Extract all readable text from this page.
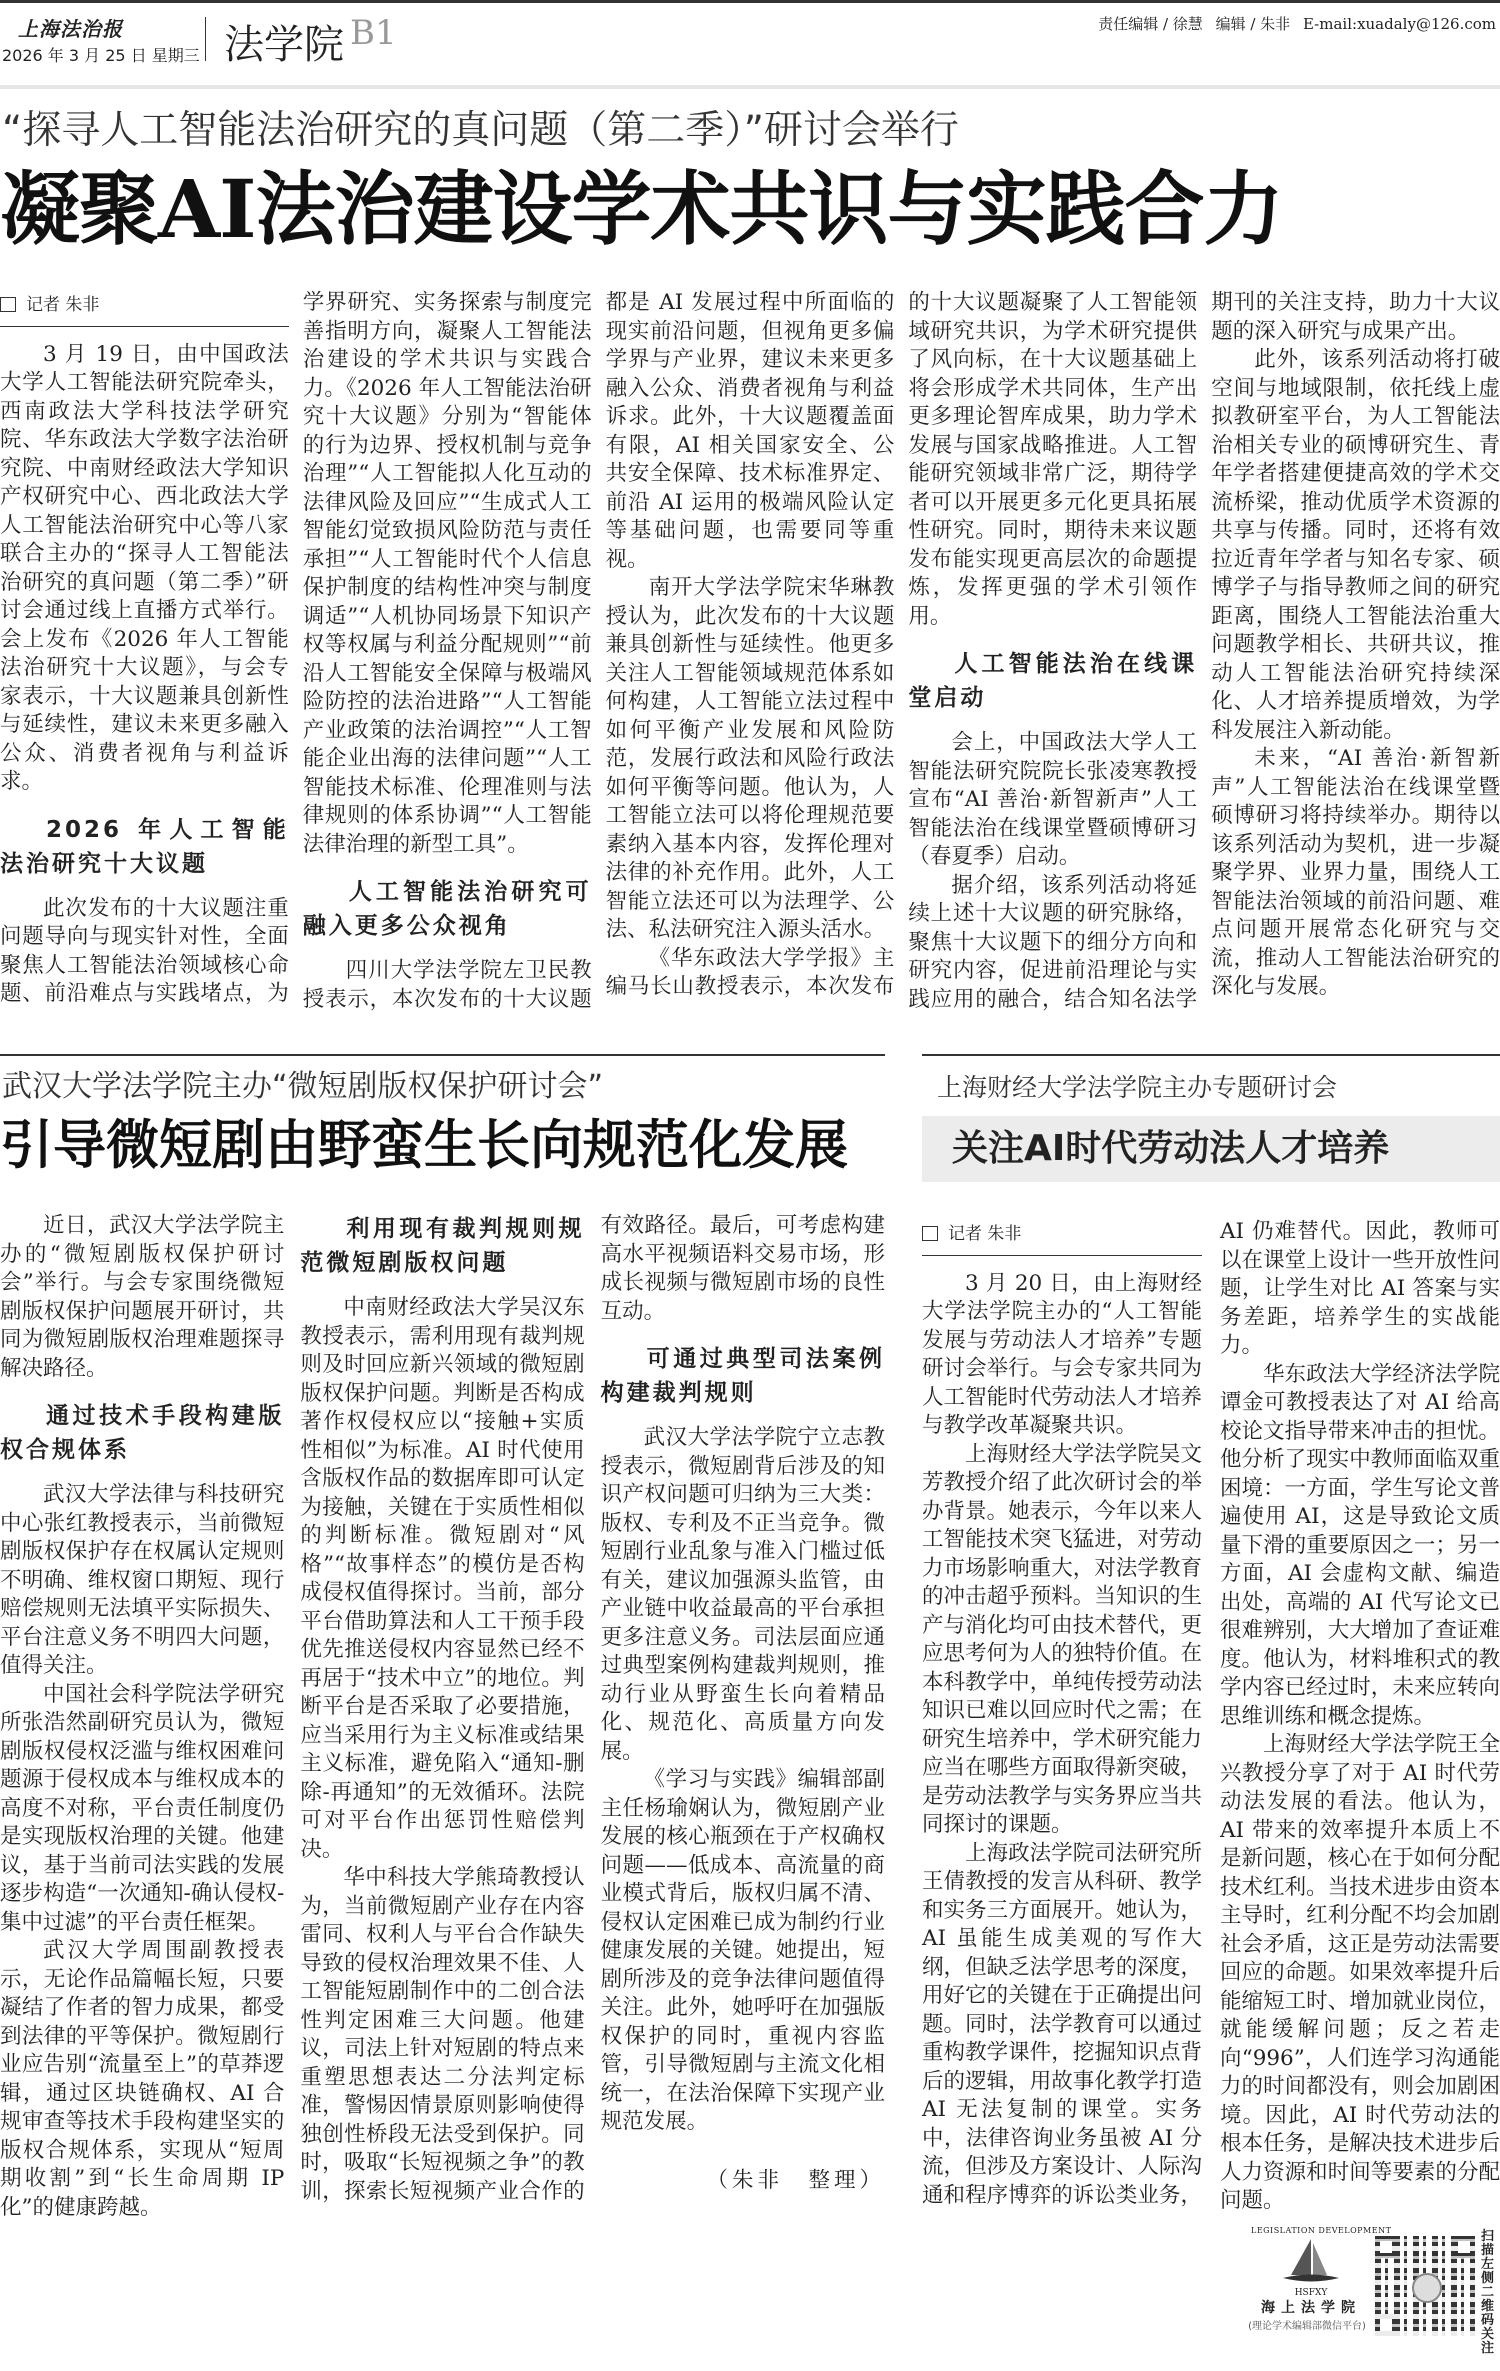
上海法治报
2026 年 3 月 25 日 星期三 法学院 B1	责任编辑 / 徐慧 编辑 / 朱非 E-mail:xuadaly@126.com
“探寻人工智能法治研究的真问题（第二季）”研讨会举行
凝聚AI法治建设学术共识与实践合力

记者 朱非

3 月 19 日，由中国政法大学人工智能法研究院牵头，西南政法大学科技法学研究院、华东政法大学数字法治研究院、中南财经政法大学知识产权研究中心、西北政法大学人工智能法治研究中心等八家联合主办的“探寻人工智能法治研究的真问题（第二季）”研讨会通过线上直播方式举行。会上发布《2026 年人工智能法治研究十大议题》，与会专家表示，十大议题兼具创新性与延续性，建议未来更多融入公众、消费者视角与利益诉求。

2026 年人工智能法治研究十大议题

此次发布的十大议题注重问题导向与现实针对性，全面聚焦人工智能法治领域核心命题、前沿难点与实践堵点，为学界研究、实务探索与制度完善指明方向，凝聚人工智能法治建设的学术共识与实践合力。《2026 年人工智能法治研究十大议题》分别为“智能体的行为边界、授权机制与竞争治理”“人工智能拟人化互动的法律风险及回应”“生成式人工智能幻觉致损风险防范与责任承担”“人工智能时代个人信息保护制度的结构性冲突与制度调适”“人机协同场景下知识产权等权属与利益分配规则”“前沿人工智能安全保障与极端风险防控的法治进路”“人工智能产业政策的法治调控”“人工智能企业出海的法律问题”“人工智能技术标准、伦理准则与法律规则的体系协调”“人工智能法律治理的新型工具”。

人工智能法治研究可融入更多公众视角

四川大学法学院左卫民教授表示，本次发布的十大议题都是 AI 发展过程中所面临的现实前沿问题，但视角更多偏学界与产业界，建议未来更多融入公众、消费者视角与利益诉求。此外，十大议题覆盖面有限，AI 相关国家安全、公共安全保障、技术标准界定、前沿 AI 运用的极端风险认定等基础问题，也需要同等重视。

南开大学法学院宋华琳教授认为，此次发布的十大议题兼具创新性与延续性。他更多关注人工智能领域规范体系如何构建，人工智能立法过程中如何平衡产业发展和风险防范，发展行政法和风险行政法如何平衡等问题。他认为，人工智能立法可以将伦理规范要素纳入基本内容，发挥伦理对法律的补充作用。此外，人工智能立法还可以为法理学、公法、私法研究注入源头活水。

《华东政法大学学报》主编马长山教授表示，本次发布的十大议题凝聚了人工智能领域研究共识，为学术研究提供了风向标，在十大议题基础上将会形成学术共同体，生产出更多理论智库成果，助力学术发展与国家战略推进。人工智能研究领域非常广泛，期待学者可以开展更多元化更具拓展性研究。同时，期待未来议题发布能实现更高层次的命题提炼，发挥更强的学术引领作用。

人工智能法治在线课堂启动

会上，中国政法大学人工智能法研究院院长张凌寒教授宣布“AI 善治·新智新声”人工智能法治在线课堂暨硕博研习（春夏季）启动。

据介绍，该系列活动将延续上述十大议题的研究脉络，聚焦十大议题下的细分方向和研究内容，促进前沿理论与实践应用的融合，结合知名法学期刊的关注支持，助力十大议题的深入研究与成果产出。

此外，该系列活动将打破空间与地域限制，依托线上虚拟教研室平台，为人工智能法治相关专业的硕博研究生、青年学者搭建便捷高效的学术交流桥梁，推动优质学术资源的共享与传播。同时，还将有效拉近青年学者与知名专家、硕博学子与指导教师之间的研究距离，围绕人工智能法治重大问题教学相长、共研共议，推动人工智能法治研究持续深化、人才培养提质增效，为学科发展注入新动能。

未来，“AI 善治·新智新声”人工智能法治在线课堂暨硕博研习将持续举办。期待以该系列活动为契机，进一步凝聚学界、业界力量，围绕人工智能法治领域的前沿问题、难点问题开展常态化研究与交流，推动人工智能法治研究的深化与发展。

武汉大学法学院主办“微短剧版权保护研讨会”
引导微短剧由野蛮生长向规范化发展

近日，武汉大学法学院主办的“微短剧版权保护研讨会”举行。与会专家围绕微短剧版权保护问题展开研讨，共同为微短剧版权治理难题探寻解决路径。

通过技术手段构建版权合规体系

武汉大学法律与科技研究中心张红教授表示，当前微短剧版权保护存在权属认定规则不明确、维权窗口期短、现行赔偿规则无法填平实际损失、平台注意义务不明四大问题，值得关注。

中国社会科学院法学研究所张浩然副研究员认为，微短剧版权侵权泛滥与维权困难问题源于侵权成本与维权成本的高度不对称，平台责任制度仍是实现版权治理的关键。他建议，基于当前司法实践的发展逐步构造“一次通知-确认侵权-集中过滤”的平台责任框架。

武汉大学周围副教授表示，无论作品篇幅长短，只要凝结了作者的智力成果，都受到法律的平等保护。微短剧行业应告别“流量至上”的草莽逻辑，通过区块链确权、AI 合规审查等技术手段构建坚实的版权合规体系，实现从“短周期收割”到“长生命周期 IP 化”的健康跨越。

利用现有裁判规则规范微短剧版权问题

中南财经政法大学吴汉东教授表示，需利用现有裁判规则及时回应新兴领域的微短剧版权保护问题。判断是否构成著作权侵权应以“接触+实质性相似”为标准。AI 时代使用含版权作品的数据库即可认定为接触，关键在于实质性相似的判断标准。微短剧对“风格”“故事样态”的模仿是否构成侵权值得探讨。当前，部分平台借助算法和人工干预手段优先推送侵权内容显然已经不再居于“技术中立”的地位。判断平台是否采取了必要措施，应当采用行为主义标准或结果主义标准，避免陷入“通知-删除-再通知”的无效循环。法院可对平台作出惩罚性赔偿判决。

华中科技大学熊琦教授认为，当前微短剧产业存在内容雷同、权利人与平台合作缺失导致的侵权治理效果不佳、人工智能短剧制作中的二创合法性判定困难三大问题。他建议，司法上针对短剧的特点来重塑思想表达二分法判定标准，警惕因情景原则影响使得独创性桥段无法受到保护。同时，吸取“长短视频之争”的教训，探索长短视频产业合作的有效路径。最后，可考虑构建高水平视频语料交易市场，形成长视频与微短剧市场的良性互动。

可通过典型司法案例构建裁判规则

武汉大学法学院宁立志教授表示，微短剧背后涉及的知识产权问题可归纳为三大类：版权、专利及不正当竞争。微短剧行业乱象与准入门槛过低有关，建议加强源头监管，由产业链中收益最高的平台承担更多注意义务。司法层面应通过典型案例构建裁判规则，推动行业从野蛮生长向着精品化、规范化、高质量方向发展。

《学习与实践》编辑部副主任杨瑜娴认为，微短剧产业发展的核心瓶颈在于产权确权问题——低成本、高流量的商业模式背后，版权归属不清、侵权认定困难已成为制约行业健康发展的关键。她提出，短剧所涉及的竞争法律问题值得关注。此外，她呼吁在加强版权保护的同时，重视内容监管，引导微短剧与主流文化相统一，在法治保障下实现产业规范发展。

（朱非　整理）

上海财经大学法学院主办专题研讨会
关注AI时代劳动法人才培养

记者 朱非

3 月 20 日，由上海财经大学法学院主办的“人工智能发展与劳动法人才培养”专题研讨会举行。与会专家共同为人工智能时代劳动法人才培养与教学改革凝聚共识。

上海财经大学法学院吴文芳教授介绍了此次研讨会的举办背景。她表示，今年以来人工智能技术突飞猛进，对劳动力市场影响重大，对法学教育的冲击超乎预料。当知识的生产与消化均可由技术替代，更应思考何为人的独特价值。在本科教学中，单纯传授劳动法知识已难以回应时代之需；在研究生培养中，学术研究能力应当在哪些方面取得新突破，是劳动法教学与实务界应当共同探讨的课题。

上海政法学院司法研究所王倩教授的发言从科研、教学和实务三方面展开。她认为，AI 虽能生成美观的写作大纲，但缺乏法学思考的深度，用好它的关键在于正确提出问题。同时，法学教育可以通过重构教学课件，挖掘知识点背后的逻辑，用故事化教学打造 AI 无法复制的课堂。实务中，法律咨询业务虽被 AI 分流，但涉及方案设计、人际沟通和程序博弈的诉讼类业务，AI 仍难替代。因此，教师可以在课堂上设计一些开放性问题，让学生对比 AI 答案与实务差距，培养学生的实战能力。

华东政法大学经济法学院谭金可教授表达了对 AI 给高校论文指导带来冲击的担忧。他分析了现实中教师面临双重困境：一方面，学生写论文普遍使用 AI，这是导致论文质量下滑的重要原因之一；另一方面，AI 会虚构文献、编造出处，高端的 AI 代写论文已很难辨别，大大增加了查证难度。他认为，材料堆积式的教学内容已经过时，未来应转向思维训练和概念提炼。

上海财经大学法学院王全兴教授分享了对于 AI 时代劳动法发展的看法。他认为，AI 带来的效率提升本质上不是新问题，核心在于如何分配技术红利。当技术进步由资本主导时，红利分配不均会加剧社会矛盾，这正是劳动法需要回应的命题。如果效率提升后能缩短工时、增加就业岗位，就能缓解问题；反之若走向“996”，人们连学习沟通能力的时间都没有，则会加剧困境。因此，AI 时代劳动法的根本任务，是解决技术进步后人力资源和时间等要素的分配问题。

LEGISLATION DEVELOPMENT
HSFXY
海上法学院
(理论学术编辑部微信平台)
扫描左侧二维码关注
